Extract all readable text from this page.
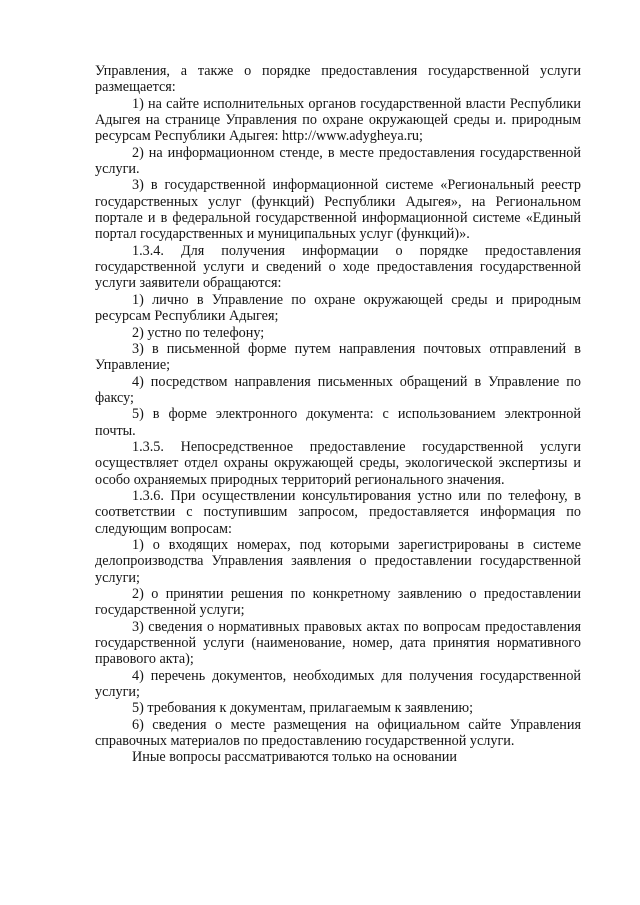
Управления, а также о порядке предоставления государственной услуги размещается:

1) на сайте исполнительных органов государственной власти Республики Адыгея на странице Управления по охране окружающей среды и. природным ресурсам Республики Адыгея: http://www.adygheya.ru;

2) на информационном стенде, в месте предоставления государственной услуги.

3) в государственной информационной системе «Региональный реестр государственных услуг (функций) Республики Адыгея», на Региональном портале и в федеральной государственной информационной системе «Единый портал государственных и муниципальных услуг (функций)».

1.3.4. Для получения информации о порядке предоставления государственной услуги и сведений о ходе предоставления государственной услуги заявители обращаются:

1) лично в Управление по охране окружающей среды и природным ресурсам Республики Адыгея;

2) устно по телефону;

3) в письменной форме путем направления почтовых отправлений в Управление;

4) посредством направления письменных обращений в Управление по факсу;

5) в форме электронного документа: с использованием электронной почты.

1.3.5. Непосредственное предоставление государственной услуги осуществляет отдел охраны окружающей среды, экологической экспертизы и особо охраняемых природных территорий регионального значения.

1.3.6. При осуществлении консультирования устно или по телефону, в соответствии с поступившим запросом, предоставляется информация по следующим вопросам:

1) о входящих номерах, под которыми зарегистрированы в системе делопроизводства Управления заявления о предоставлении государственной услуги;

2) о принятии решения по конкретному заявлению о предоставлении государственной услуги;

3) сведения о нормативных правовых актах по вопросам предоставления государственной услуги (наименование, номер, дата принятия нормативного правового акта);

4) перечень документов, необходимых для получения государственной услуги;

5) требования к документам, прилагаемым к заявлению;

6) сведения о месте размещения на официальном сайте Управления справочных материалов по предоставлению государственной услуги.

Иные вопросы рассматриваются только на основании
